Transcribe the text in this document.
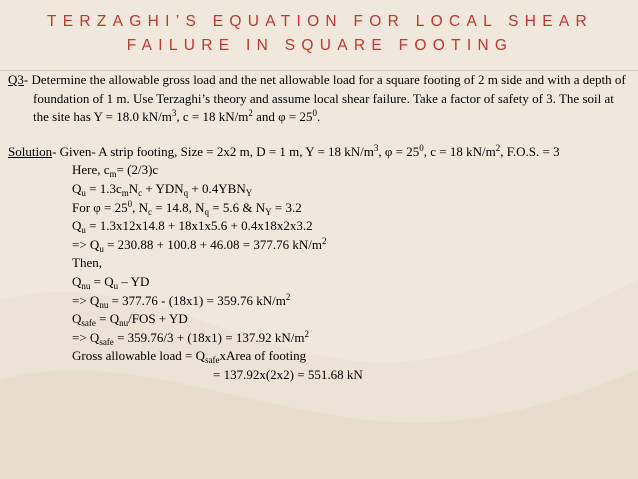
TERZAGHI’S EQUATION FOR LOCAL SHEAR
FAILURE IN SQUARE FOOTING

Q3- Determine the allowable gross load and the net allowable load for a square footing of 2 m side and with a depth of foundation of 1 m. Use Terzaghi’s theory and assume local shear failure. Take a factor of safety of 3. The soil at the site has Y = 18.0 $kN/m^3$, c = 18 $kN/m^2$ and $\varphi = 25^0$.

Solution- Given- A strip footing, Size = 2x2 m, D = 1 m, Y = 18 $kN/m^3$, $\varphi = 25^0$, c = 18 $kN/m^2$, F.O.S. = 3

Here, $c_m= (2/3)c$
$Q_u = 1.3c_mN_c + YDN_q + 0.4YBN_Y$
For $\varphi = 25^0$, $N_c = 14.8$, $N_q = 5.6$ & $N_Y = 3.2$
$Q_u = 1.3x12x14.8 + 18x1x5.6 + 0.4x18x2x3.2$
=> $Q_u = 230.88 + 100.8 + 46.08 = 377.76$ $kN/m^2$
Then,
$Q_{nu} = Q_u$ – YD
=> $Q_{nu} = 377.76 - (18x1) = 359.76$ $kN/m^2$
$Q_{safe} = Q_{nu}/FOS$ + YD
=> $Q_{safe} = 359.76/3 + (18x1) = 137.92$ $kN/m^2$
Gross allowable load = $Q_{safe}xArea$ of footing
= 137.92x(2x2) = 551.68 kN
